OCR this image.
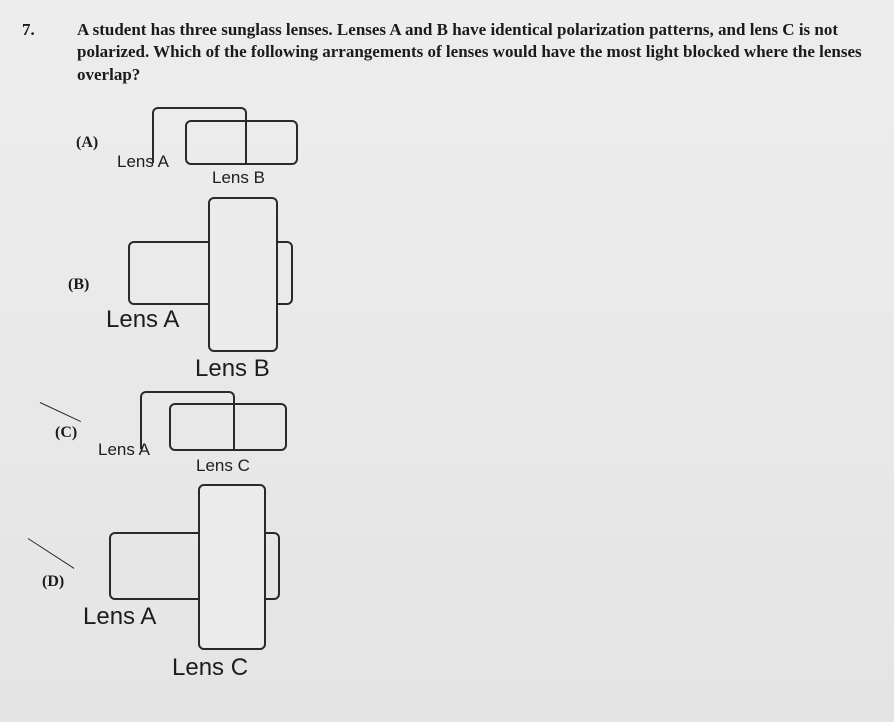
7. A student has three sunglass lenses. Lenses A and B have identical polarization patterns, and lens C is not
polarized. Which of the following arrangements of lenses would have the most light blocked where the lenses
overlap?
(A)
Lens A
Lens B
(B)
Lens A
Lens B
(C)
Lens A
Lens C
(D)
Lens A
Lens C
